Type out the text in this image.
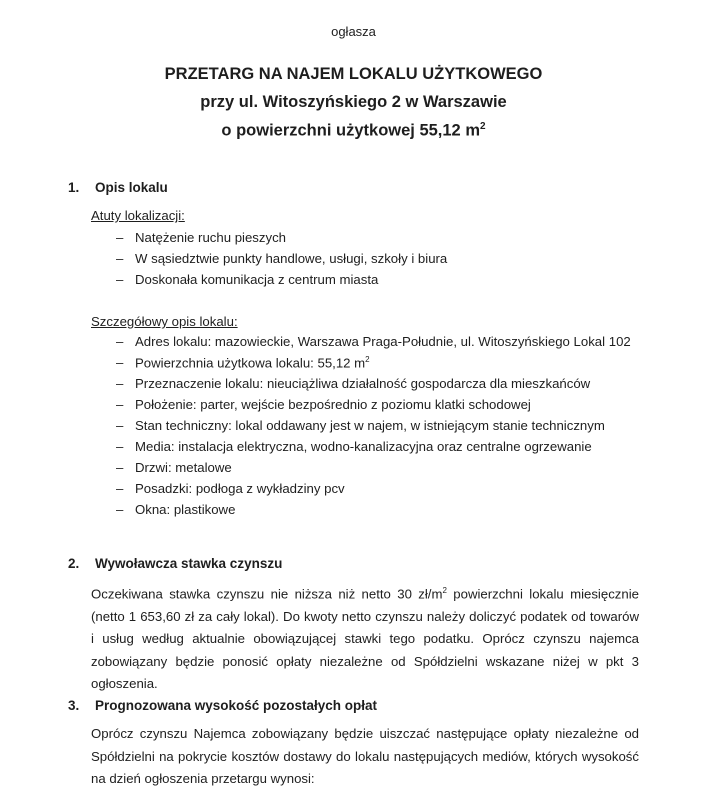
ogłasza
PRZETARG NA NAJEM LOKALU UŻYTKOWEGO
przy ul. Witoszyńskiego 2 w Warszawie
o powierzchni użytkowej 55,12 $m^2$
1. Opis lokalu
Atuty lokalizacji:
– Natężenie ruchu pieszych
– W sąsiedztwie punkty handlowe, usługi, szkoły i biura
– Doskonała komunikacja z centrum miasta
Szczegółowy opis lokalu:
– Adres lokalu: mazowieckie, Warszawa Praga-Południe, ul. Witoszyńskiego Lokal 102
– Powierzchnia użytkowa lokalu: 55,12 $m^2$
– Przeznaczenie lokalu: nieuciążliwa działalność gospodarcza dla mieszkańców
– Położenie: parter, wejście bezpośrednio z poziomu klatki schodowej
– Stan techniczny: lokal oddawany jest w najem, w istniejącym stanie technicznym
– Media: instalacja elektryczna, wodno-kanalizacyjna oraz centralne ogrzewanie
– Drzwi: metalowe
– Posadzki: podłoga z wykładziny pcv
– Okna: plastikowe
2. Wywoławcza stawka czynszu
Oczekiwana stawka czynszu nie niższa niż netto 30 $zł/m^2$ powierzchni lokalu miesięcznie (netto 1 653,60 zł za cały lokal). Do kwoty netto czynszu należy doliczyć podatek od towarów i usług według aktualnie obowiązującej stawki tego podatku. Oprócz czynszu najemca zobowiązany będzie ponosić opłaty niezależne od Spółdzielni wskazane niżej w pkt 3 ogłoszenia.
3. Prognozowana wysokość pozostałych opłat
Oprócz czynszu Najemca zobowiązany będzie uiszczać następujące opłaty niezależne od Spółdzielni na pokrycie kosztów dostawy do lokalu następujących mediów, których wysokość na dzień ogłoszenia przetargu wynosi:
